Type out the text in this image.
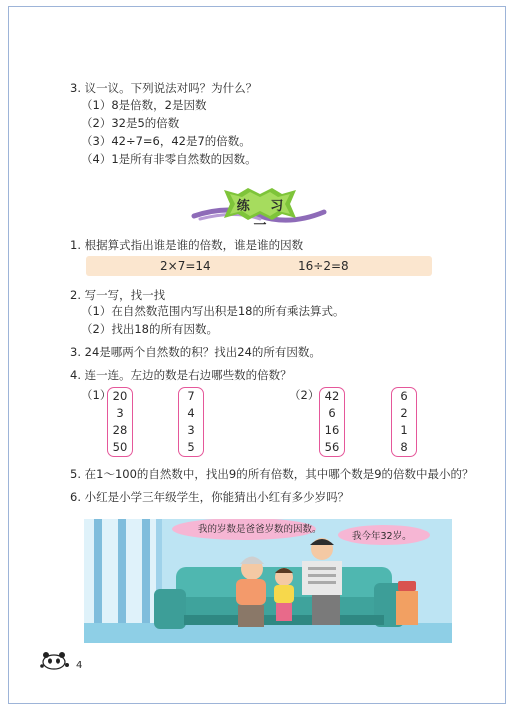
3. 议一议。下列说法对吗？为什么？
（1）8是倍数，2是因数
（2）32是5的倍数
（3）42÷7=6，42是7的倍数。
（4）1是所有非零自然数的因数。
练 习 一
1. 根据算式指出谁是谁的倍数，谁是谁的因数
2×7=14	16÷2=8
2. 写一写，找一找
（1）在自然数范围内写出积是18的所有乘法算式。
（2）找出18的所有因数。
3. 24是哪两个自然数的积？找出24的所有因数。
4. 连一连。左边的数是右边哪些数的倍数？
（1）	（2）
20
3
28
50
7
4
3
5
42
6
16
56
6
2
1
8
5. 在1～100的自然数中，找出9的所有倍数，其中哪个数是9的倍数中最小的？
6. 小红是小学三年级学生，你能猜出小红有多少岁吗？
我的岁数是爸爸岁数的因数。
我今年32岁。
4
